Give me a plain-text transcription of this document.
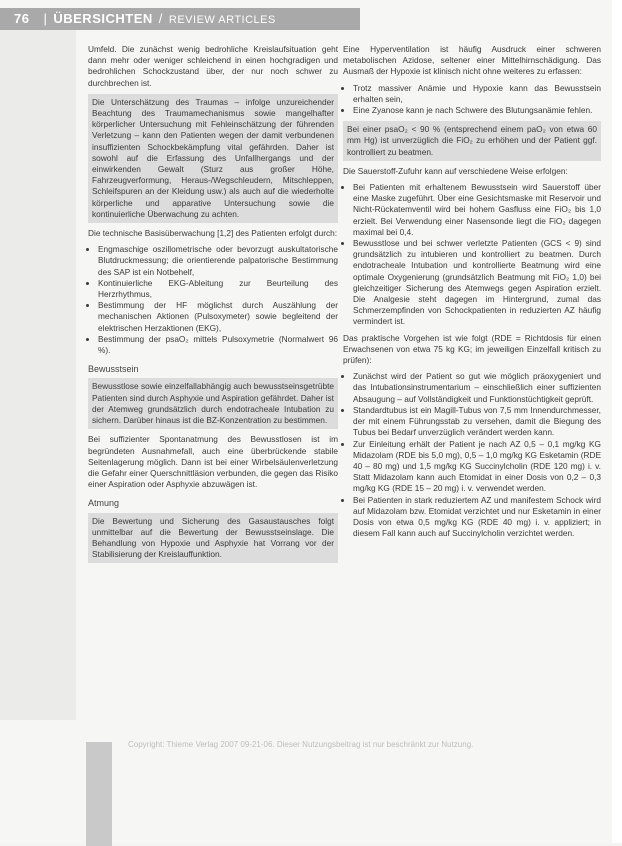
76 | ÜBERSICHTEN / REVIEW ARTICLES

Umfeld. Die zunächst wenig bedrohliche Kreislaufsituation geht dann mehr oder weniger schleichend in einen hochgradigen und bedrohlichen Schockzustand über, der nur noch schwer zu durchbrechen ist.

Die Unterschätzung des Traumas – infolge unzureichender Beachtung des Traumamechanismus sowie mangelhafter körperlicher Untersuchung mit Fehleinschätzung der führenden Verletzung – kann den Patienten wegen der damit verbundenen insuffizienten Schockbekämpfung vital gefährden. Daher ist sowohl auf die Erfassung des Unfallhergangs und der einwirkenden Gewalt (Sturz aus großer Höhe, Fahrzeugverformung, Heraus-/Wegschleudern, Mitschleppen, Schleifspuren an der Kleidung usw.) als auch auf die wiederholte körperliche und apparative Untersuchung sowie die kontinuierliche Überwachung zu achten.

Die technische Basisüberwachung [1,2] des Patienten erfolgt durch:

• Engmaschige oszillometrische oder bevorzugt auskultatorische Blutdruckmessung; die orientierende palpatorische Bestimmung des SAP ist ein Notbehelf,
• Kontinuierliche EKG-Ableitung zur Beurteilung des Herzrhythmus,
• Bestimmung der HF möglichst durch Auszählung der mechanischen Aktionen (Pulsoxymeter) sowie begleitend der elektrischen Herzaktionen (EKG),
• Bestimmung der psaO₂ mittels Pulsoxymetrie (Normalwert 96 %).
Bewusstsein
Bewusstlose sowie einzelfallabhängig auch bewusstseinsgetrübte Patienten sind durch Asphyxie und Aspiration gefährdet. Daher ist der Atemweg grundsätzlich durch endotracheale Intubation zu sichern. Darüber hinaus ist die BZ-Konzentration zu bestimmen.

Bei suffizienter Spontanatmung des Bewusstlosen ist im begründeten Ausnahmefall, auch eine überbrückende stabile Seitenlagerung möglich. Dann ist bei einer Wirbelsäulenverletzung die Gefahr einer Querschnittläsion verbunden, die gegen das Risiko einer Aspiration oder Asphyxie abzuwägen ist.

Atmung
Die Bewertung und Sicherung des Gasaustausches folgt unmittelbar auf die Bewertung der Bewusstseinslage. Die Behandlung von Hypoxie und Asphyxie hat Vorrang vor der Stabilisierung der Kreislauffunktion.

Eine Hyperventilation ist häufig Ausdruck einer schweren metabolischen Azidose, seltener einer Mittelhirnschädigung. Das Ausmaß der Hypoxie ist klinisch nicht ohne weiteres zu erfassen:

• Trotz massiver Anämie und Hypoxie kann das Bewusstsein erhalten sein,
• Eine Zyanose kann je nach Schwere des Blutungsanämie fehlen.
Bei einer psaO₂ < 90 % (entsprechend einem paO₂ von etwa 60 mm Hg) ist unverzüglich die FiO₂ zu erhöhen und der Patient ggf. kontrolliert zu beatmen.

Die Sauerstoff-Zufuhr kann auf verschiedene Weise erfolgen:

• Bei Patienten mit erhaltenem Bewusstsein wird Sauerstoff über eine Maske zugeführt. Über eine Gesichtsmaske mit Reservoir und Nicht-Rückatemventil wird bei hohem Gasfluss eine FiO₂ bis 1,0 erzielt. Bei Verwendung einer Nasensonde liegt die FiO₂ dagegen maximal bei 0,4.
• Bewusstlose und bei schwer verletzte Patienten (GCS < 9) sind grundsätzlich zu intubieren und kontrolliert zu beatmen. Durch endotracheale Intubation und kontrollierte Beatmung wird eine optimale Oxygenierung (grundsätzlich Beatmung mit FiO₂ 1,0) bei gleichzeitiger Sicherung des Atemwegs gegen Aspiration erzielt. Die Analgesie steht dagegen im Hintergrund, zumal das Schmerzempfinden von Schockpatienten in reduzierten AZ häufig vermindert ist.

Das praktische Vorgehen ist wie folgt (RDE = Richtdosis für einen Erwachsenen von etwa 75 kg KG; im jeweiligen Einzelfall kritisch zu prüfen):

• Zunächst wird der Patient so gut wie möglich präoxygeniert und das Intubationsinstrumentarium – einschließlich einer suffizienten Absaugung – auf Vollständigkeit und Funktionstüchtigkeit geprüft.
• Standardtubus ist ein Magill-Tubus von 7,5 mm Innendurchmesser, der mit einem Führungsstab zu versehen, damit die Biegung des Tubus bei Bedarf unverzüglich verändert werden kann.
• Zur Einleitung erhält der Patient je nach AZ 0,5 – 0,1 mg/kg KG Midazolam (RDE bis 5,0 mg), 0,5 – 1,0 mg/kg KG Esketamin (RDE 40 – 80 mg) und 1,5 mg/kg KG Succinylcholin (RDE 120 mg) i. v. Statt Midazolam kann auch Etomidat in einer Dosis von 0,2 – 0,3 mg/kg KG (RDE 15 – 20 mg) i. v. verwendet werden.
• Bei Patienten in stark reduziertem AZ und manifestem Schock wird auf Midazolam bzw. Etomidat verzichtet und nur Esketamin in einer Dosis von etwa 0,5 mg/kg KG (RDE 40 mg) i. v. appliziert; in diesem Fall kann auch auf Succinylcholin verzichtet werden.
Copyright: Thieme Verlag 2007 09-21-06. Dieser Nutzungsbeitrag ist nur beschränkt zur Nutzung.
